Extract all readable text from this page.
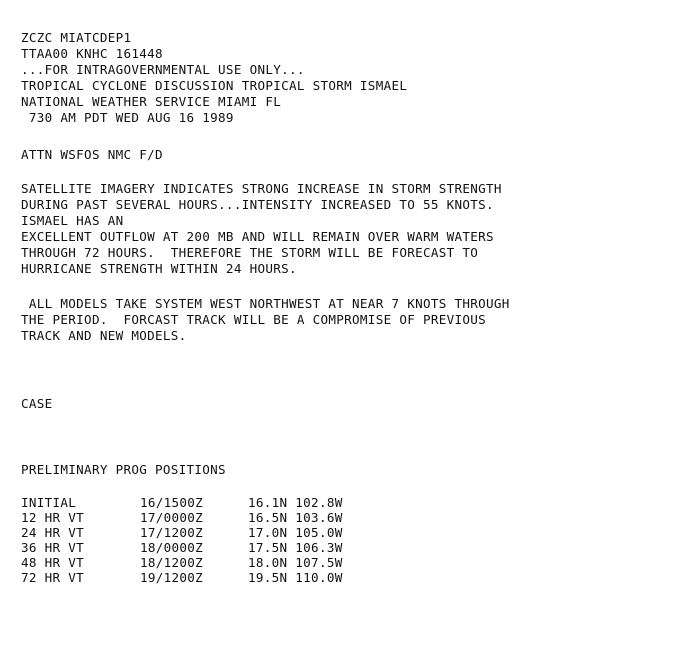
ZCZC MIATCDEP1
TTAA00 KNHC 161448
...FOR INTRAGOVERNMENTAL USE ONLY...
TROPICAL CYCLONE DISCUSSION TROPICAL STORM ISMAEL
NATIONAL WEATHER SERVICE MIAMI FL
730 AM PDT WED AUG 16 1989
ATTN WSFOS NMC F/D
SATELLITE IMAGERY INDICATES STRONG INCREASE IN STORM STRENGTH
DURING PAST SEVERAL HOURS...INTENSITY INCREASED TO 55 KNOTS.
ISMAEL HAS AN
EXCELLENT OUTFLOW AT 200 MB AND WILL REMAIN OVER WARM WATERS
THROUGH 72 HOURS.  THEREFORE THE STORM WILL BE FORECAST TO
HURRICANE STRENGTH WITHIN 24 HOURS.
ALL MODELS TAKE SYSTEM WEST NORTHWEST AT NEAR 7 KNOTS THROUGH
THE PERIOD.  FORCAST TRACK WILL BE A COMPROMISE OF PREVIOUS
TRACK AND NEW MODELS.
CASE
PRELIMINARY PROG POSITIONS
INITIAL	16/1500Z	16.1N 102.8W
12 HR VT	17/0000Z	16.5N 103.6W
24 HR VT	17/1200Z	17.0N 105.0W
36 HR VT	18/0000Z	17.5N 106.3W
48 HR VT	18/1200Z	18.0N 107.5W
72 HR VT	19/1200Z	19.5N 110.0W
